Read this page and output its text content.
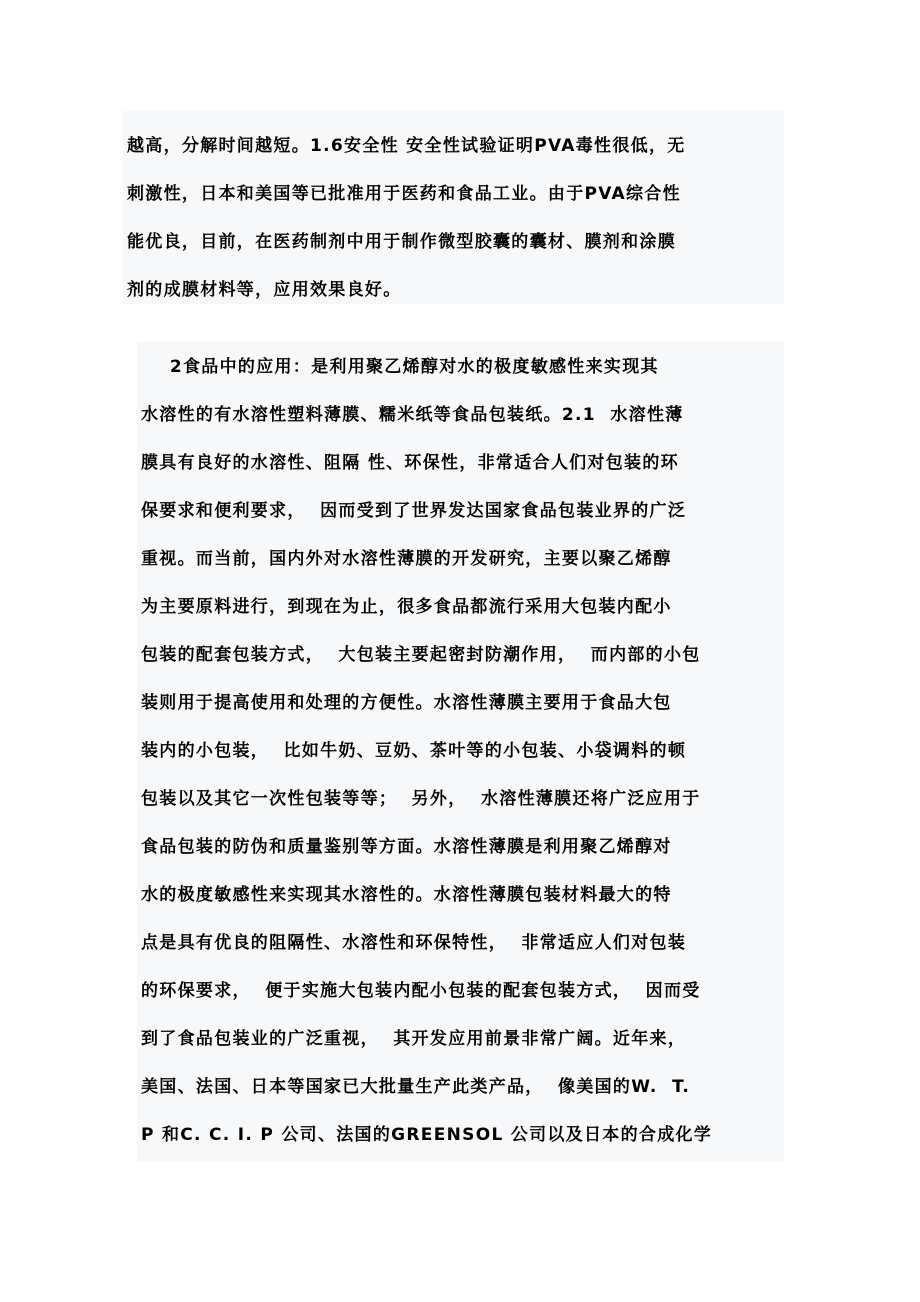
越高，分解时间越短。1.6安全性 安全性试验证明PVA毒性很低，无
刺激性，日本和美国等已批准用于医药和食品工业。由于PVA综合性
能优良，目前，在医药制剂中用于制作微型胶囊的囊材、膜剂和涂膜
剂的成膜材料等，应用效果良好。
2食品中的应用：是利用聚乙烯醇对水的极度敏感性来实现其
水溶性的有水溶性塑料薄膜、糯米纸等食品包装纸。2.1  水溶性薄
膜具有良好的水溶性、阻隔 性、环保性，非常适合人们对包装的环
保要求和便利要求，  因而受到了世界发达国家食品包装业界的广泛
重视。而当前，国内外对水溶性薄膜的开发研究，主要以聚乙烯醇
为主要原料进行，到现在为止，很多食品都流行采用大包装内配小
包装的配套包装方式，  大包装主要起密封防潮作用，  而内部的小包
装则用于提高使用和处理的方便性。水溶性薄膜主要用于食品大包
装内的小包装，  比如牛奶、豆奶、茶叶等的小包装、小袋调料的顿
包装以及其它一次性包装等等；  另外，  水溶性薄膜还将广泛应用于
食品包装的防伪和质量鉴别等方面。水溶性薄膜是利用聚乙烯醇对
水的极度敏感性来实现其水溶性的。水溶性薄膜包装材料最大的特
点是具有优良的阻隔性、水溶性和环保特性，  非常适应人们对包装
的环保要求，  便于实施大包装内配小包装的配套包装方式，  因而受
到了食品包装业的广泛重视，  其开发应用前景非常广阔。近年来，
美国、法国、日本等国家已大批量生产此类产品，  像美国的W.  T.
P 和C. C. I. P 公司、法国的GREENSOL 公司以及日本的合成化学
